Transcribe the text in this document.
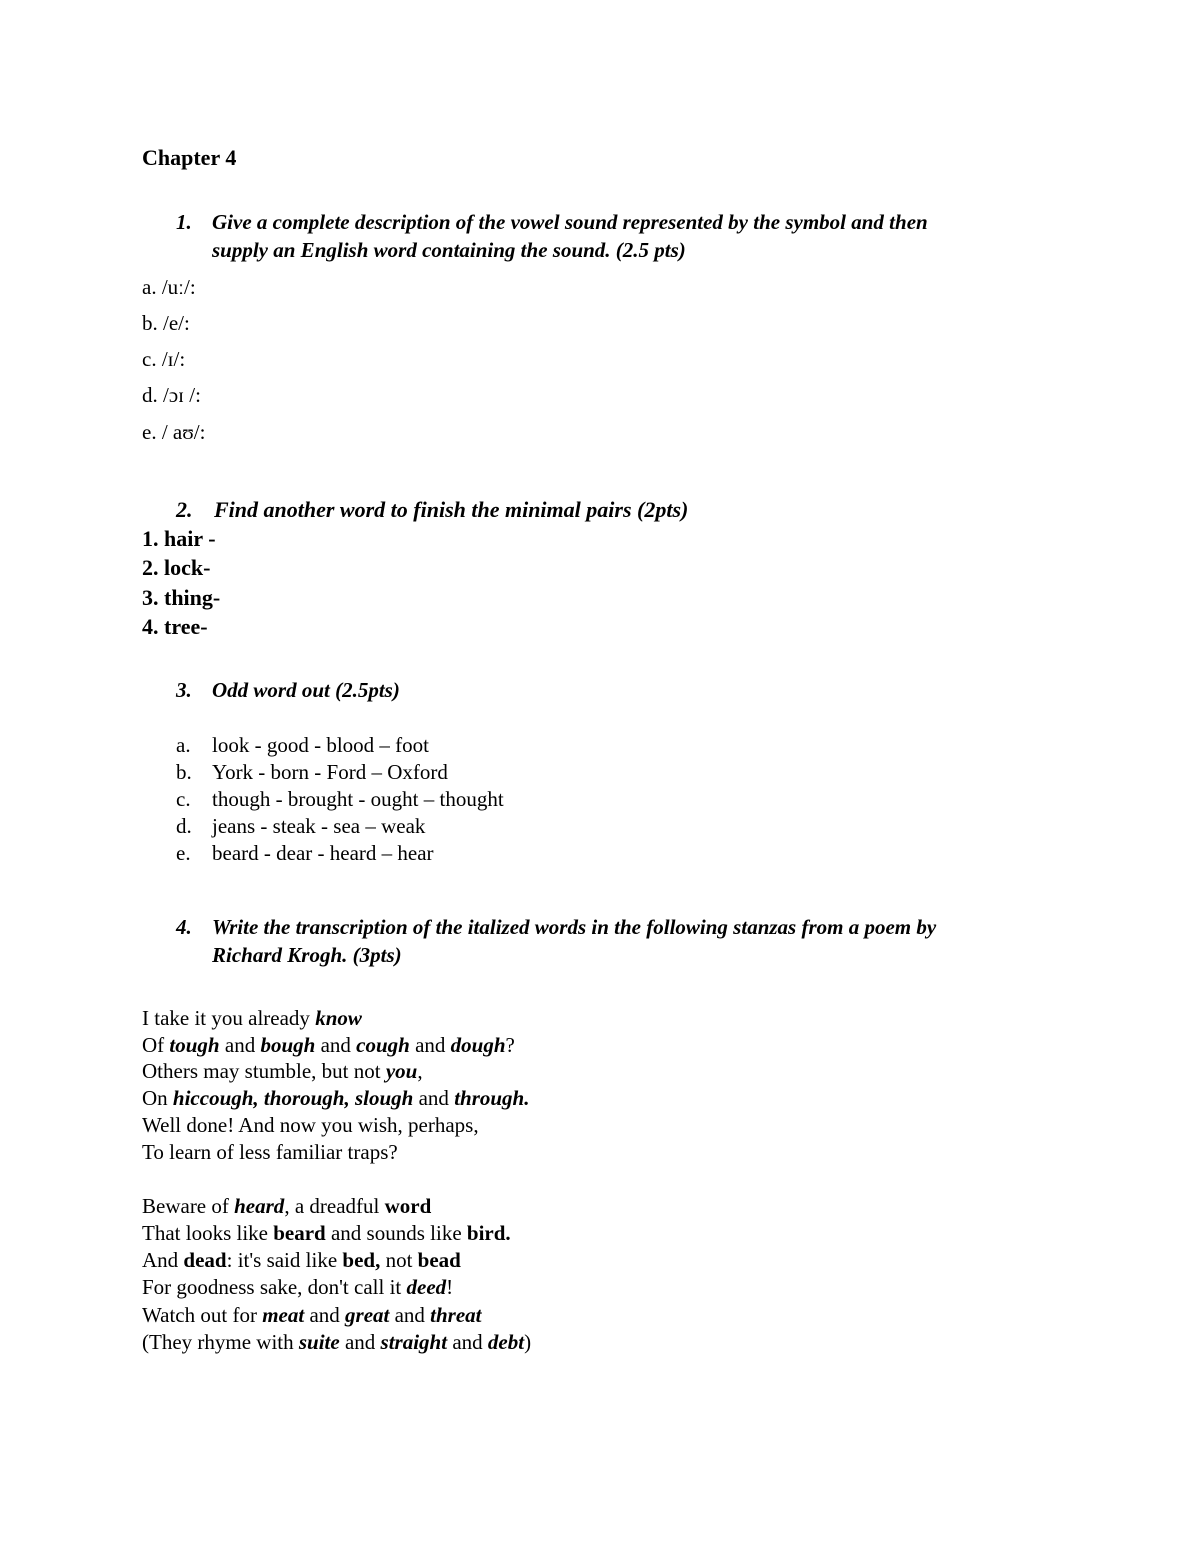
Chapter 4
1. Give a complete description of the vowel sound represented by the symbol and then
supply an English word containing the sound. (2.5 pts)
a. /uː/:
b. /e/:
c. /ɪ/:
d. /ɔɪ /:
e. / aʊ/:
2. Find another word to finish the minimal pairs (2pts)
1. hair -
2. lock-
3. thing-
4. tree-
3. Odd word out (2.5pts)
a. look - good - blood – foot
b. York - born - Ford – Oxford
c. though - brought - ought – thought
d. jeans - steak - sea – weak
e. beard - dear - heard – hear
4. Write the transcription of the italized words in the following stanzas from a poem by
Richard Krogh. (3pts)
I take it you already know
Of tough and bough and cough and dough?
Others may stumble, but not you,
On hiccough, thorough, slough and through.
Well done! And now you wish, perhaps,
To learn of less familiar traps?
Beware of heard, a dreadful word
That looks like beard and sounds like bird.
And dead: it's said like bed, not bead
For goodness sake, don't call it deed!
Watch out for meat and great and threat
(They rhyme with suite and straight and debt)
